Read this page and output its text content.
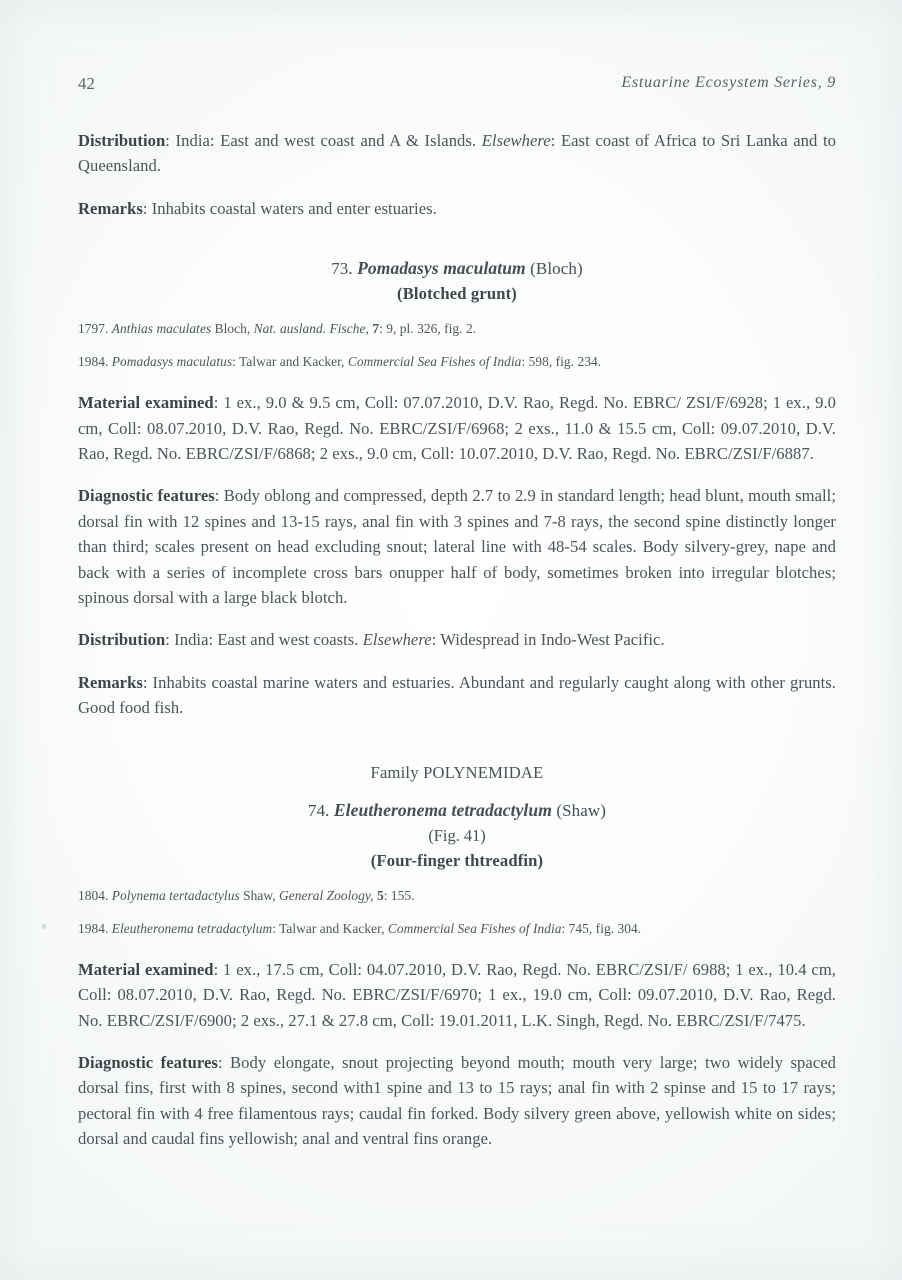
42	Estuarine Ecosystem Series, 9

Distribution: India: East and west coast and A & Islands. Elsewhere: East coast of Africa to Sri Lanka and to Queensland.

Remarks: Inhabits coastal waters and enter estuaries.

73. Pomadasys maculatum (Bloch)
(Blotched grunt)

1797. Anthias maculates Bloch, Nat. ausland. Fische, 7: 9, pl. 326, fig. 2.

1984. Pomadasys maculatus: Talwar and Kacker, Commercial Sea Fishes of India: 598, fig. 234.

Material examined: 1 ex., 9.0 & 9.5 cm, Coll: 07.07.2010, D.V. Rao, Regd. No. EBRC/ ZSI/F/6928; 1 ex., 9.0 cm, Coll: 08.07.2010, D.V. Rao, Regd. No. EBRC/ZSI/F/6968; 2 exs., 11.0 & 15.5 cm, Coll: 09.07.2010, D.V. Rao, Regd. No. EBRC/ZSI/F/6868; 2 exs., 9.0 cm, Coll: 10.07.2010, D.V. Rao, Regd. No. EBRC/ZSI/F/6887.

Diagnostic features: Body oblong and compressed, depth 2.7 to 2.9 in standard length; head blunt, mouth small; dorsal fin with 12 spines and 13-15 rays, anal fin with 3 spines and 7-8 rays, the second spine distinctly longer than third; scales present on head excluding snout; lateral line with 48-54 scales. Body silvery-grey, nape and back with a series of incomplete cross bars onupper half of body, sometimes broken into irregular blotches; spinous dorsal with a large black blotch.

Distribution: India: East and west coasts. Elsewhere: Widespread in Indo-West Pacific.

Remarks: Inhabits coastal marine waters and estuaries. Abundant and regularly caught along with other grunts. Good food fish.

Family POLYNEMIDAE
74. Eleutheronema tetradactylum (Shaw)
(Fig. 41)
(Four-finger thtreadfin)

1804. Polynema tertadactylus Shaw, General Zoology, 5: 155.

1984. Eleutheronema tetradactylum: Talwar and Kacker, Commercial Sea Fishes of India: 745, fig. 304.

Material examined: 1 ex., 17.5 cm, Coll: 04.07.2010, D.V. Rao, Regd. No. EBRC/ZSI/F/ 6988; 1 ex., 10.4 cm, Coll: 08.07.2010, D.V. Rao, Regd. No. EBRC/ZSI/F/6970; 1 ex., 19.0 cm, Coll: 09.07.2010, D.V. Rao, Regd. No. EBRC/ZSI/F/6900; 2 exs., 27.1 & 27.8 cm, Coll: 19.01.2011, L.K. Singh, Regd. No. EBRC/ZSI/F/7475.

Diagnostic features: Body elongate, snout projecting beyond mouth; mouth very large; two widely spaced dorsal fins, first with 8 spines, second with1 spine and 13 to 15 rays; anal fin with 2 spinse and 15 to 17 rays; pectoral fin with 4 free filamentous rays; caudal fin forked. Body silvery green above, yellowish white on sides; dorsal and caudal fins yellowish; anal and ventral fins orange.
